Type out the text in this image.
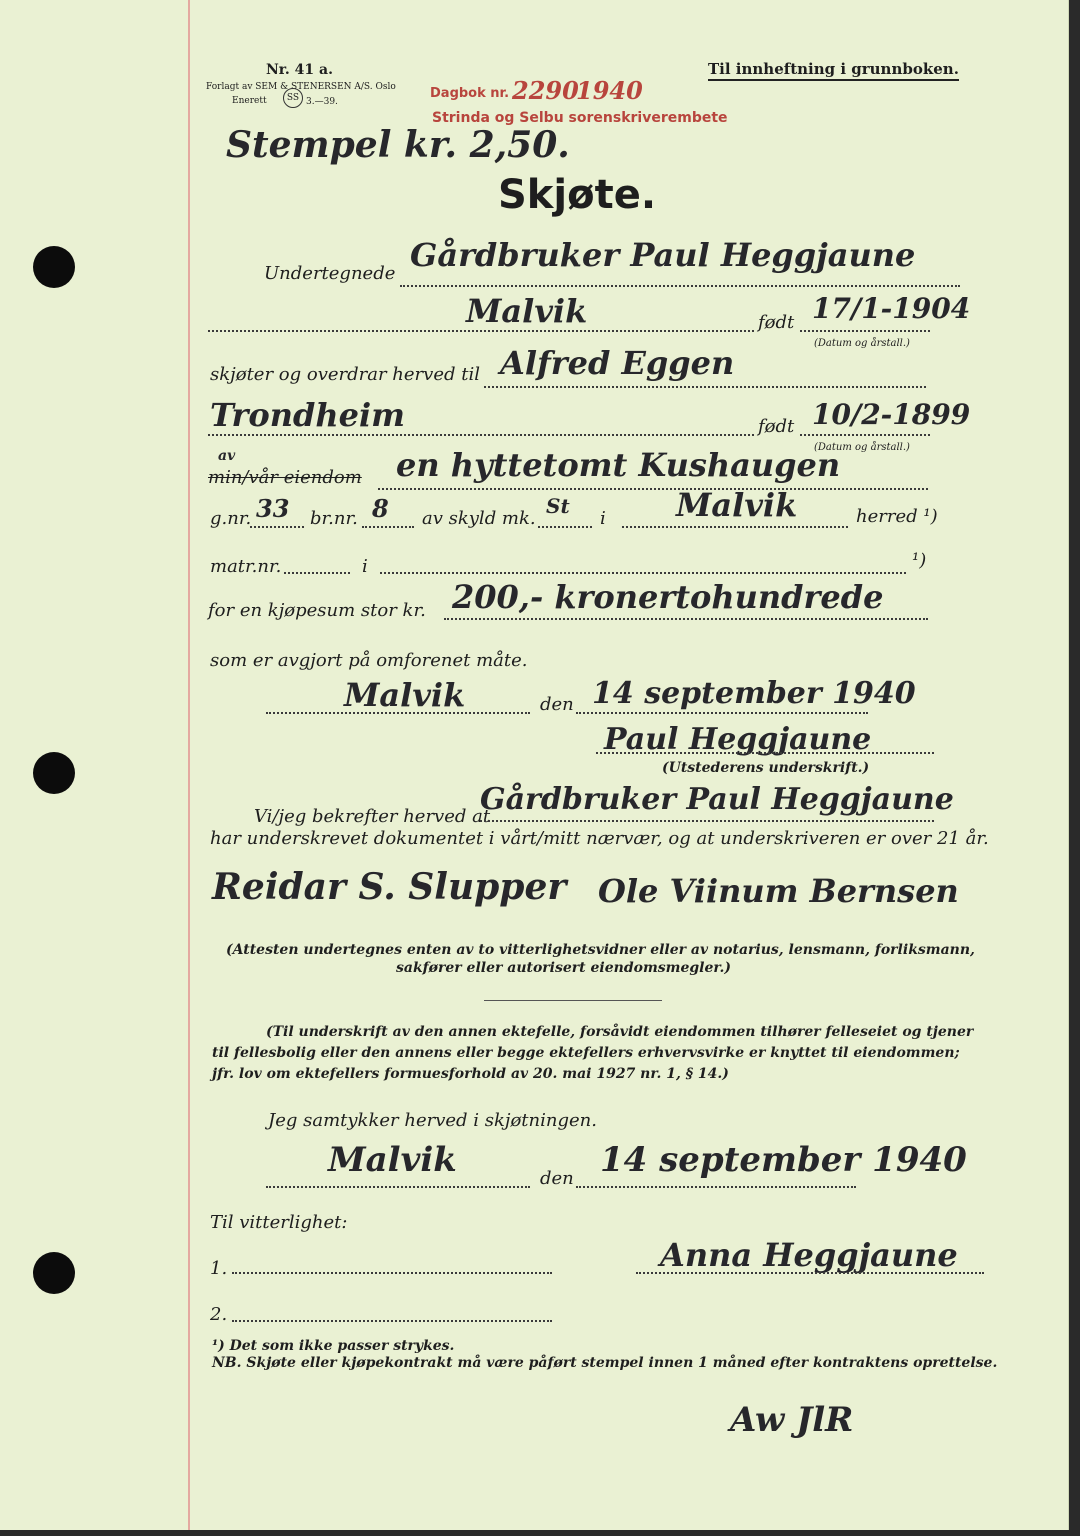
Nr. 41 a.
Forlagt av SEM & STENERSEN A/S. Oslo
Enerett	SS 3.—39.
Dagbok nr. 2290
1940
Strinda og Selbu sorenskriverembete
Til innheftning i grunnboken.
Stempel kr. 2,50.
Skjøte.
Undertegnede Gårdbruker Paul Heggjaune
Malvik	født 17/1-1904
(Datum og årstall.)
skjøter og overdrar herved til Alfred Eggen
Trondheim	født 10/2-1899
(Datum og årstall.)
av
min/vår eiendom en hyttetomt Kushaugen
g.nr. 33 br.nr. 8 av skyld mk.
St
i Malvik	herred ¹)
matr.nr.	i	¹)
for en kjøpesum stor kr. 200,- kronertohundrede
som er avgjort på omforenet måte.
Malvik	den 14 september 1940
Paul Heggjaune
(Utstederens underskrift.)
Vi/jeg bekrefter herved at
Gårdbruker Paul Heggjaune
har underskrevet dokumentet i vårt/mitt nærvær, og at underskriveren er over 21 år.
Reidar S. Slupper Ole Viinum Bernsen
(Attesten undertegnes enten av to vitterlighetsvidner eller av notarius, lensmann, forliksmann,
sakfører eller autorisert eiendomsmegler.)
(Til underskrift av den annen ektefelle, forsåvidt eiendommen tilhører felleseiet og tjener
til fellesbolig eller den annens eller begge ektefellers erhvervsvirke er knyttet til eiendommen;
jfr. lov om ektefellers formuesforhold av 20. mai 1927 nr. 1, § 14.)
Jeg samtykker herved i skjøtningen.
Malvik	den 14 september 1940
Til vitterlighet:
1.
2.
Anna Heggjaune
¹) Det som ikke passer strykes.
NB. Skjøte eller kjøpekontrakt må være påført stempel innen 1 måned efter kontraktens oprettelse.
Aw JlR
